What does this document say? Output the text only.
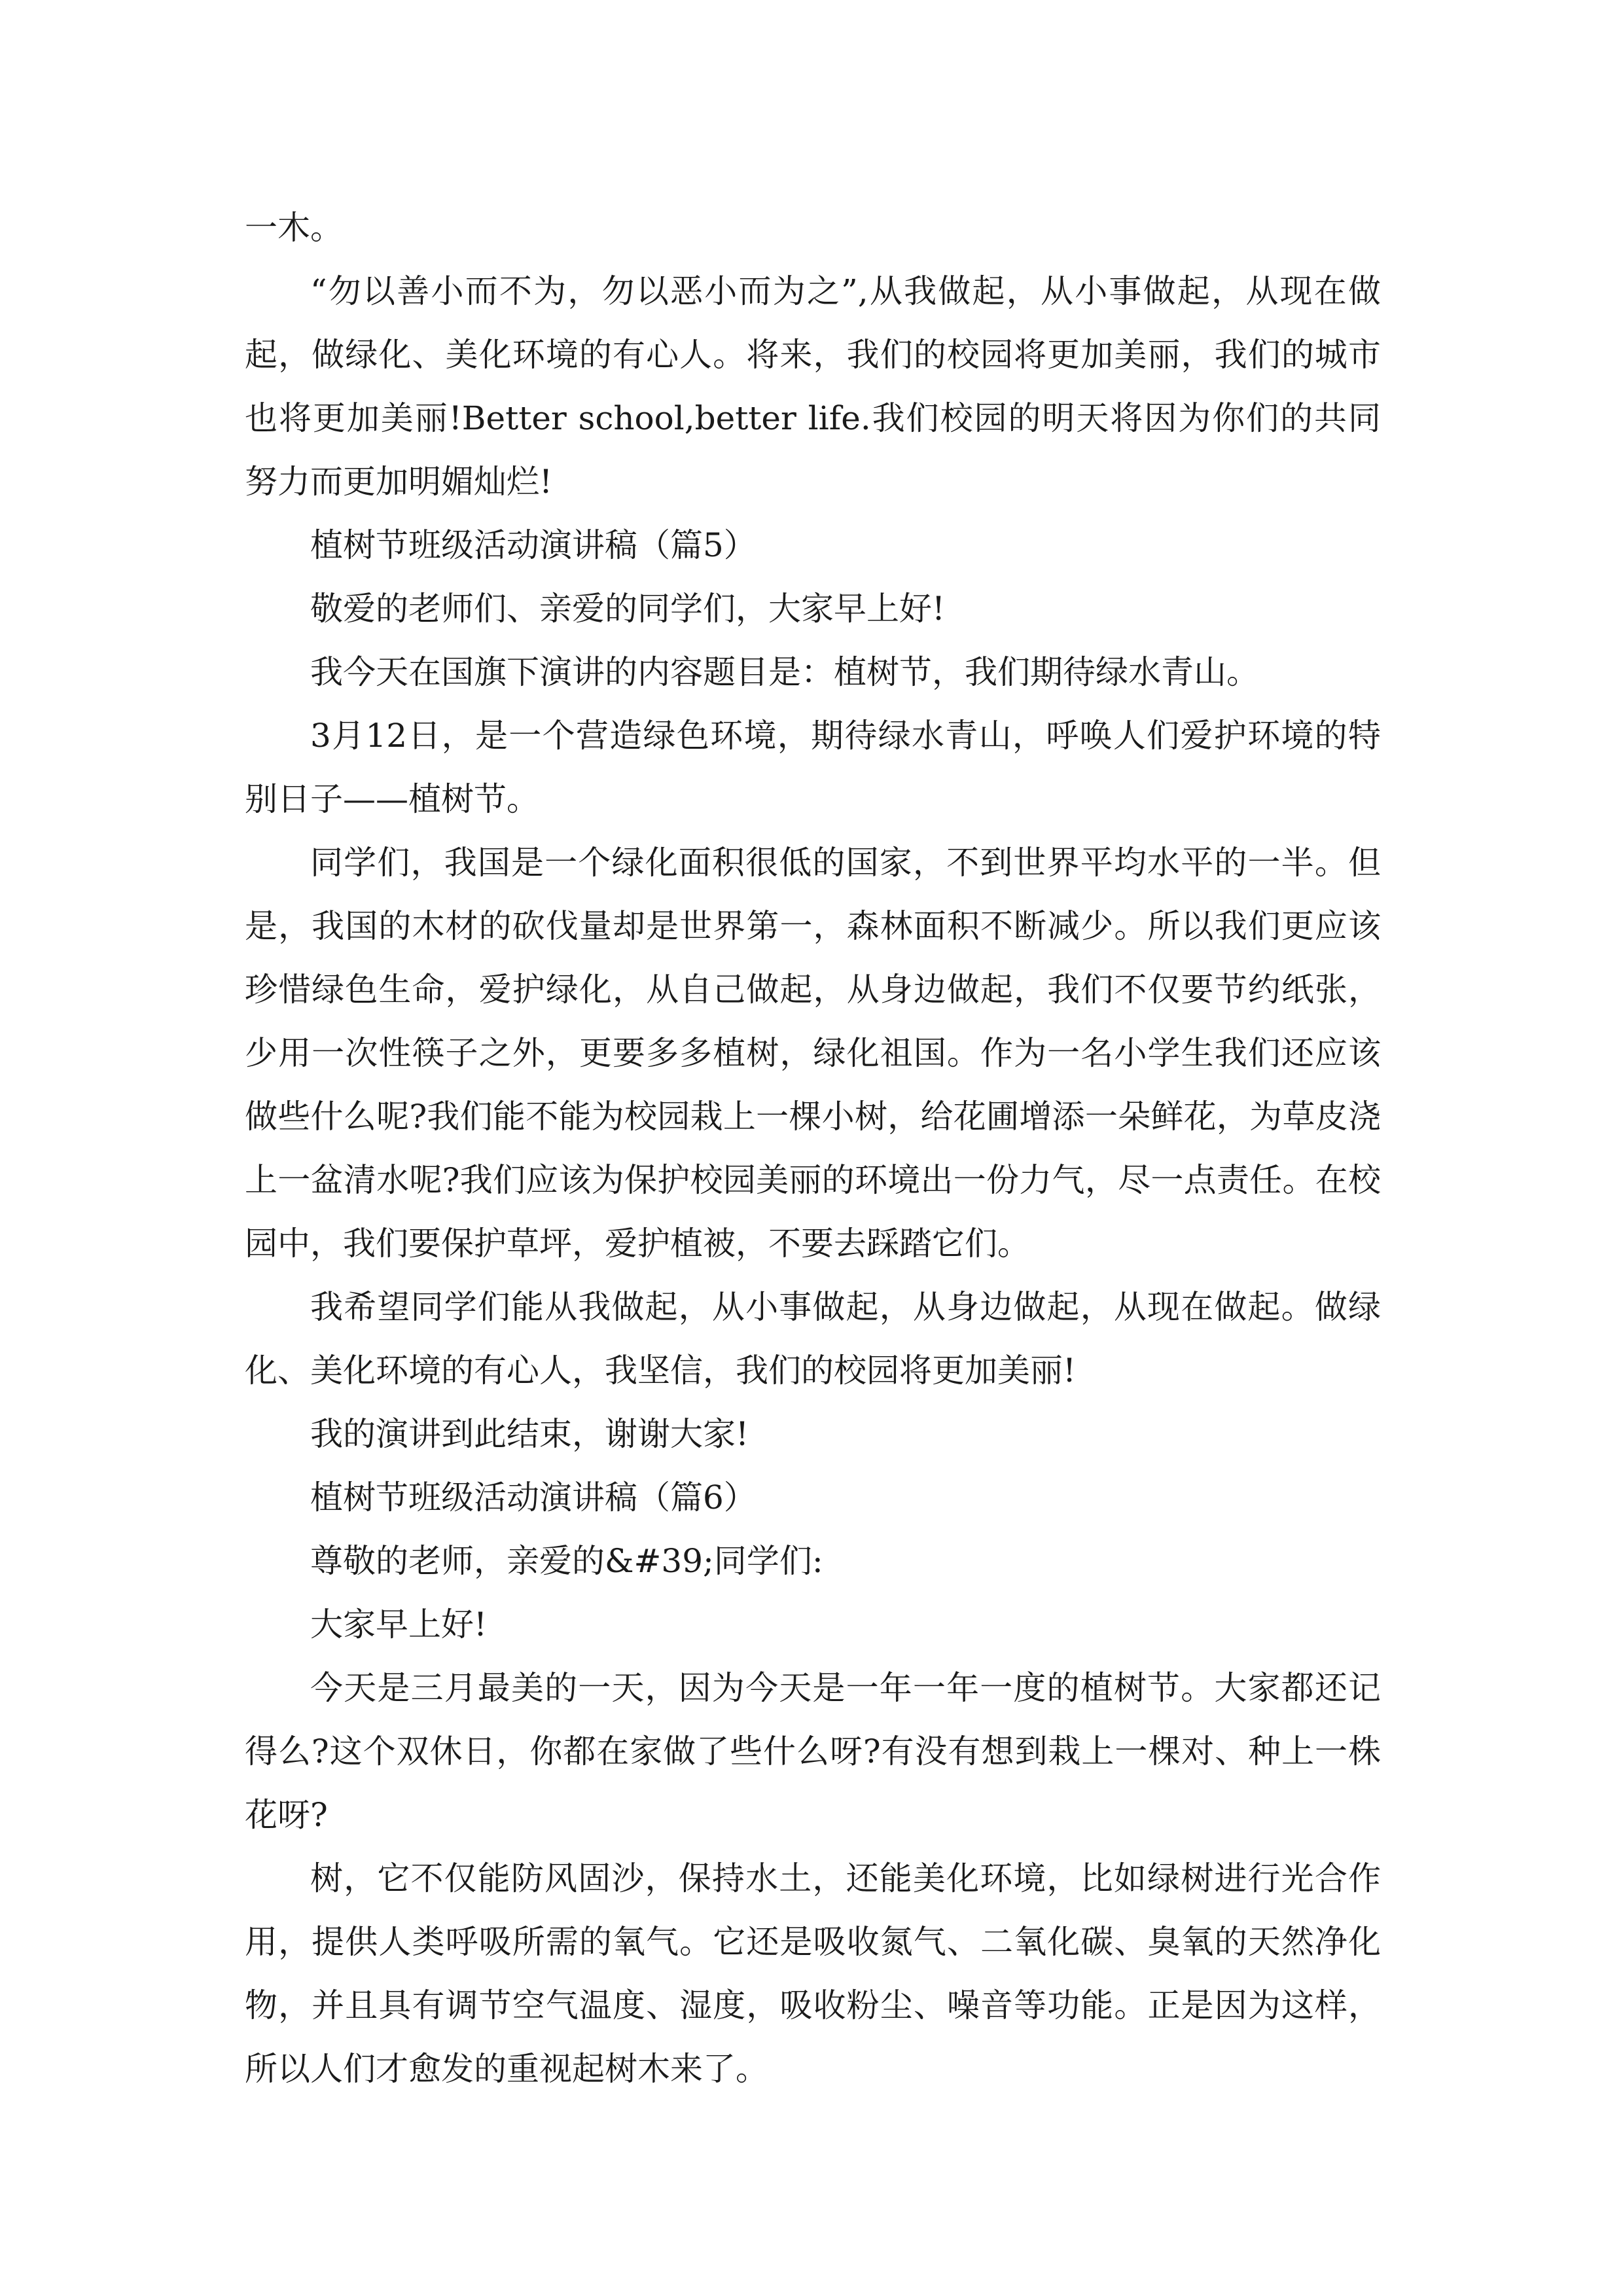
一木。

“勿以善小而不为，勿以恶小而为之”,从我做起，从小事做起，从现在做起，做绿化、美化环境的有心人。将来，我们的校园将更加美丽，我们的城市也将更加美丽!Better school,better life.我们校园的明天将因为你们的共同努力而更加明媚灿烂!

植树节班级活动演讲稿（篇5）

敬爱的老师们、亲爱的同学们，大家早上好!

我今天在国旗下演讲的内容题目是：植树节，我们期待绿水青山。

3月12日，是一个营造绿色环境，期待绿水青山，呼唤人们爱护环境的特别日子——植树节。

同学们，我国是一个绿化面积很低的国家，不到世界平均水平的一半。但是，我国的木材的砍伐量却是世界第一，森林面积不断减少。所以我们更应该珍惜绿色生命，爱护绿化，从自己做起，从身边做起，我们不仅要节约纸张，少用一次性筷子之外，更要多多植树，绿化祖国。作为一名小学生我们还应该做些什么呢?我们能不能为校园栽上一棵小树，给花圃增添一朵鲜花，为草皮浇上一盆清水呢?我们应该为保护校园美丽的环境出一份力气，尽一点责任。在校园中，我们要保护草坪，爱护植被，不要去踩踏它们。

我希望同学们能从我做起，从小事做起，从身边做起，从现在做起。做绿化、美化环境的有心人，我坚信，我们的校园将更加美丽!

我的演讲到此结束，谢谢大家!

植树节班级活动演讲稿（篇6）

尊敬的老师，亲爱的&#39;同学们:

大家早上好!

今天是三月最美的一天，因为今天是一年一年一度的植树节。大家都还记得么?这个双休日，你都在家做了些什么呀?有没有想到栽上一棵对、种上一株花呀?

树，它不仅能防风固沙，保持水土，还能美化环境，比如绿树进行光合作用，提供人类呼吸所需的氧气。它还是吸收氮气、二氧化碳、臭氧的天然净化物，并且具有调节空气温度、湿度，吸收粉尘、噪音等功能。正是因为这样，所以人们才愈发的重视起树木来了。
